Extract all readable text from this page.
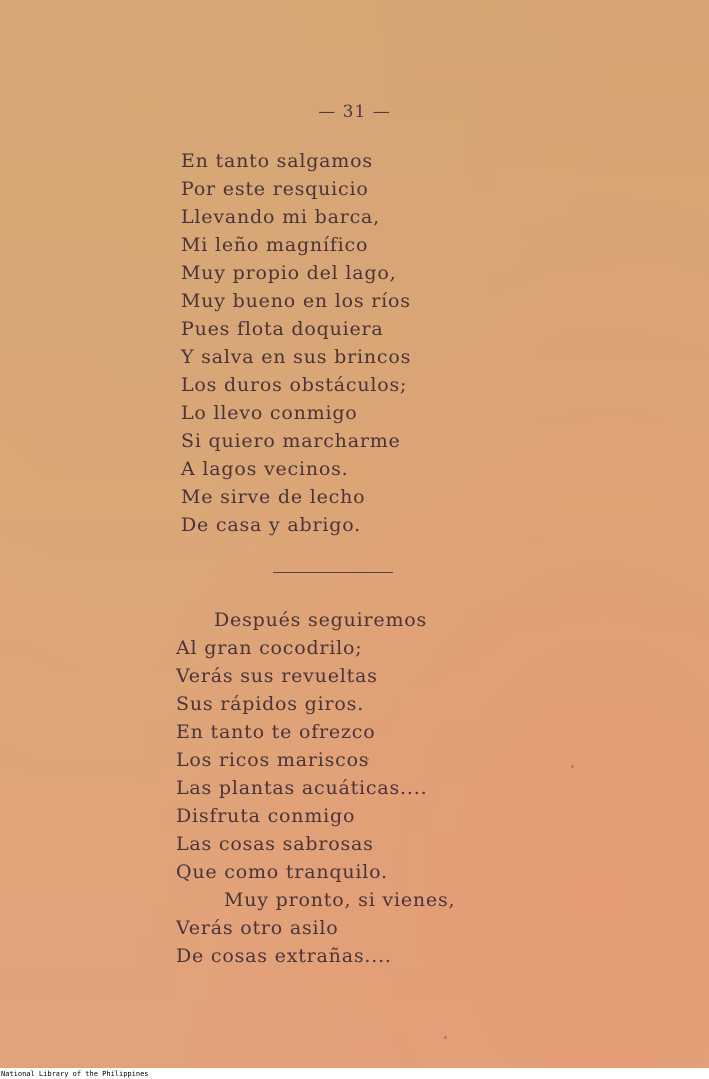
— 31 —
En tanto salgamos
Por este resquicio
Llevando mi barca,
Mi leño magnífico
Muy propio del lago,
Muy bueno en los ríos
Pues flota doquiera
Y salva en sus brincos
Los duros obstáculos;
Lo llevo conmigo
Si quiero marcharme
A lagos vecinos.
Me sirve de lecho
De casa y abrigo.
Después seguiremos
Al gran cocodrilo;
Verás sus revueltas
Sus rápidos giros.
En tanto te ofrezco
Los ricos mariscos
Las plantas acuáticas....
Disfruta conmigo
Las cosas sabrosas
Que como tranquilo.
Muy pronto, si vienes,
Verás otro asilo
De cosas extrañas....
National Library of the Philippines
